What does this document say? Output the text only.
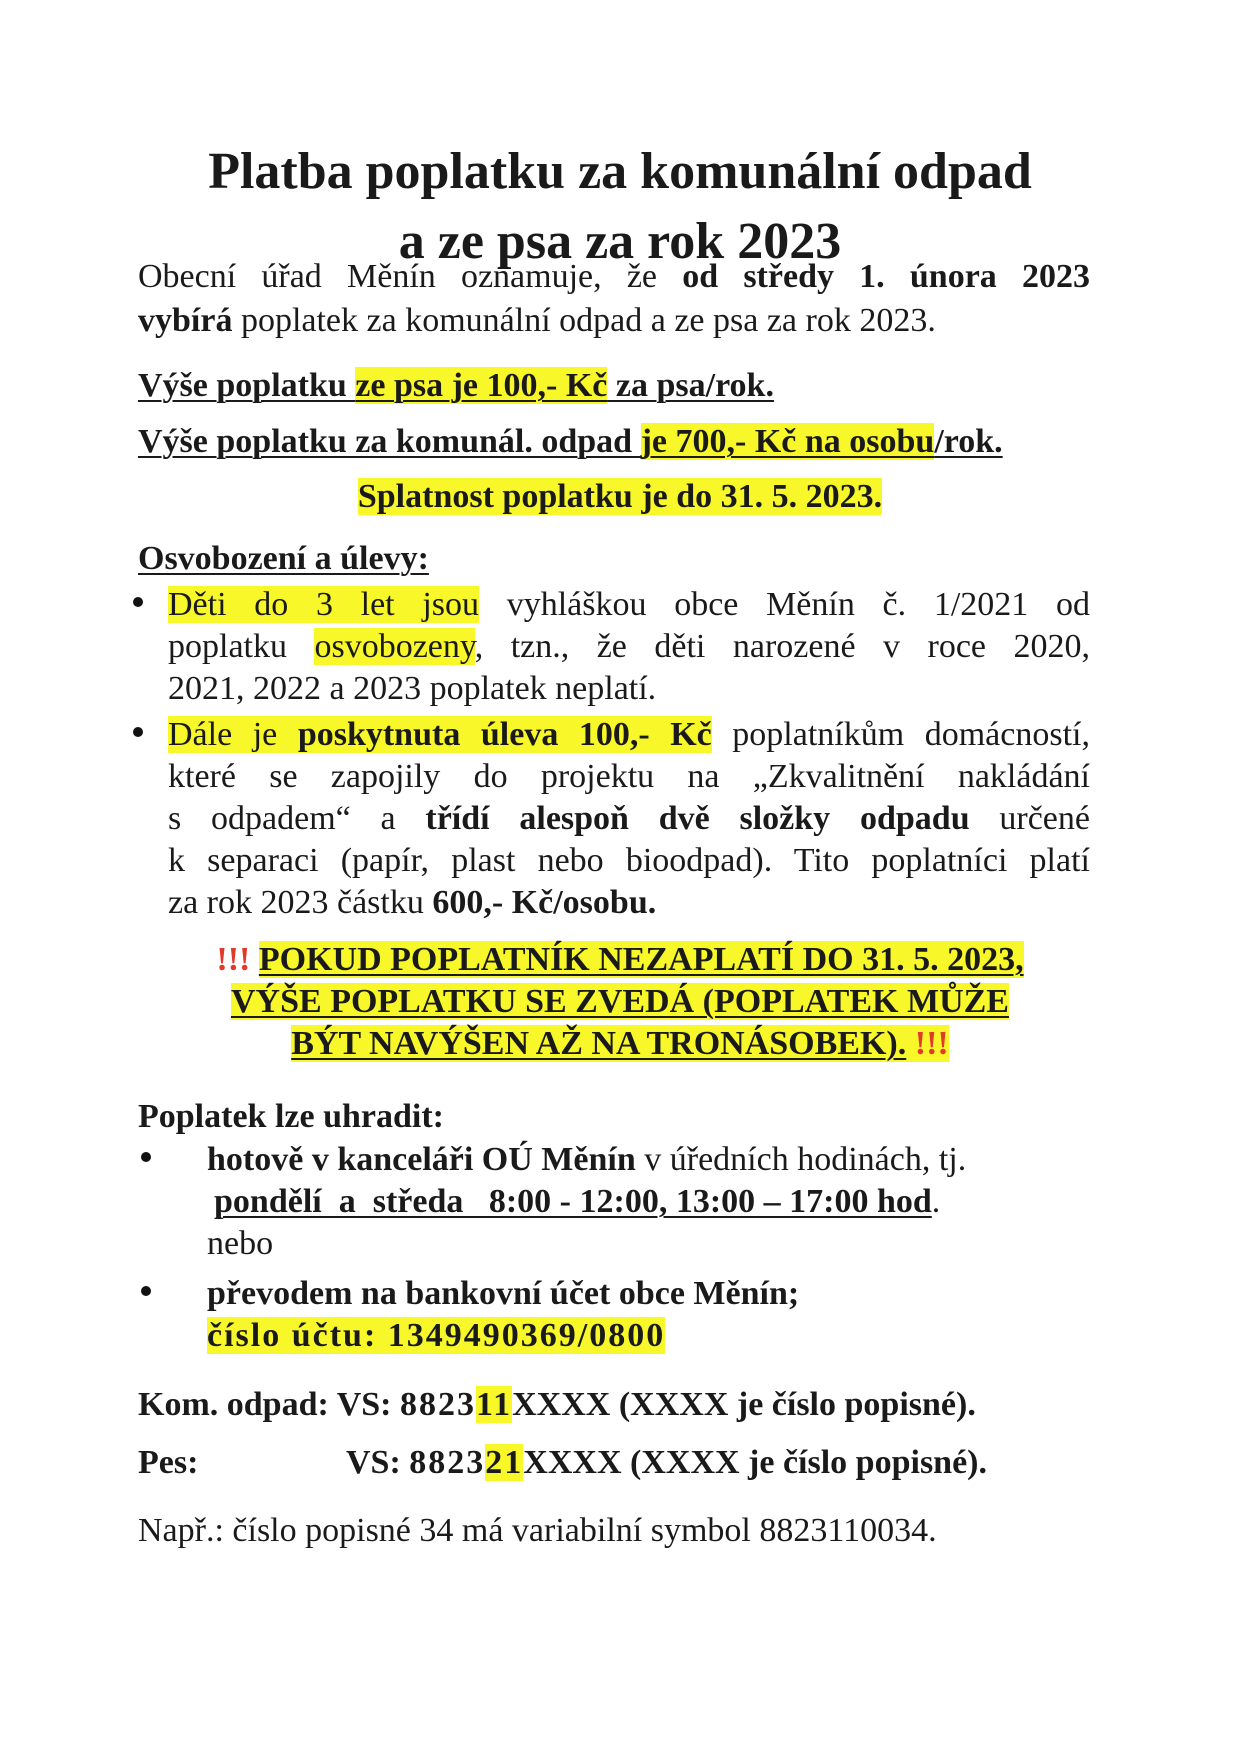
Platba poplatku za komunální odpad
a ze psa za rok 2023
Obecní úřad Měnín oznamuje, že od středy 1. února 2023
vybírá poplatek za komunální odpad a ze psa za rok 2023.
Výše poplatku ze psa je 100,- Kč za psa/rok.
Výše poplatku za komunál. odpad je 700,- Kč na osobu/rok.
Splatnost poplatku je do 31. 5. 2023.
Osvobození a úlevy:
Děti do 3 let jsou vyhláškou obce Měnín č. 1/2021 od
poplatku osvobozeny, tzn., že děti narozené v roce 2020,
2021, 2022 a 2023 poplatek neplatí.
Dále je poskytnuta úleva 100,- Kč poplatníkům domácností,
které se zapojily do projektu na „Zkvalitnění nakládání
s odpadem“ a třídí alespoň dvě složky odpadu určené
k separaci (papír, plast nebo bioodpad). Tito poplatníci platí
za rok 2023 částku 600,- Kč/osobu.
!!! POKUD POPLATNÍK NEZAPLATÍ DO 31. 5. 2023,
VÝŠE POPLATKU SE ZVEDÁ (POPLATEK MŮŽE
BÝT NAVÝŠEN AŽ NA TRONÁSOBEK). !!!
Poplatek lze uhradit:
hotově v kanceláři OÚ Měnín v úředních hodinách, tj.
pondělí  a  středa   8:00 - 12:00, 13:00 – 17:00 hod.
nebo
převodem na bankovní účet obce Měnín;
číslo účtu: 1349490369/0800
Kom. odpad: VS: 882311XXXX (XXXX je číslo popisné).
Pes:	VS: 882321XXXX (XXXX je číslo popisné).
Např.: číslo popisné 34 má variabilní symbol 8823110034.
